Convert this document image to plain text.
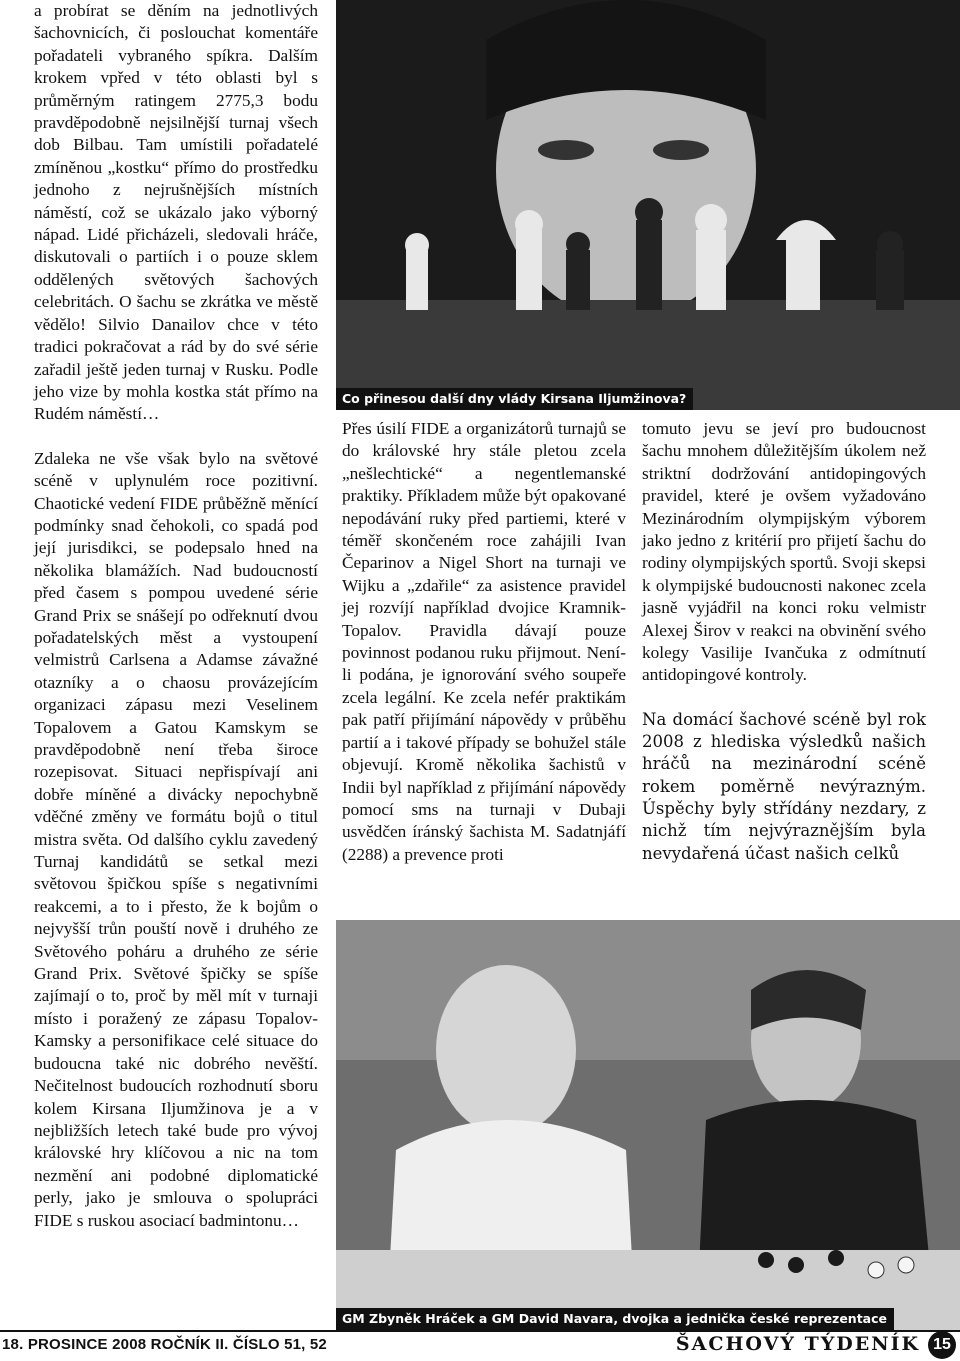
a probírat se děním na jednotlivých šachovnicích, či poslouchat komentáře pořadateli vybraného spíkra. Dalším krokem vpřed v této oblasti byl s průměrným ratingem 2775,3 bodu pravděpodobně nejsilnější turnaj všech dob Bilbau. Tam umístili pořadatelé zmíněnou „kostku“ přímo do prostředku jednoho z nejrušnějších místních náměstí, což se ukázalo jako výborný nápad. Lidé přicházeli, sledovali hráče, diskutovali o partiích i o pouze sklem oddělených světových šachových celebritách. O šachu se zkrátka ve městě vědělo! Silvio Danailov chce v této tradici pokračovat a rád by do své série zařadil ještě jeden turnaj v Rusku. Podle jeho vize by mohla kostka stát přímo na Rudém náměstí…

Zdaleka ne vše však bylo na světové scéně v uplynulém roce pozitivní. Chaotické vedení FIDE průběžně měnící podmínky snad čehokoli, co spadá pod její jurisdikci, se podepsalo hned na několika blamážích. Nad budoucností před časem s pompou uvedené série Grand Prix se snášejí po odřeknutí dvou pořadatelských měst a vystoupení velmistrů Carlsena a Adamse závažné otazníky a o chaosu provázejícím organizaci zápasu mezi Veselinem Topalovem a Gatou Kamskym se pravděpodobně není třeba široce rozepisovat. Situaci nepřispívají ani dobře míněné a divácky nepochybně vděčné změny ve formátu bojů o titul mistra světa. Od dalšího cyklu zavedený Turnaj kandidátů se setkal mezi světovou špičkou spíše s negativními reakcemi, a to i přesto, že k bojům o nejvyšší trůn pouští nově i druhého ze Světového poháru a druhého ze série Grand Prix. Světové špičky se spíše zajímají o to, proč by měl mít v turnaji místo i poražený ze zápasu Topalov-Kamsky a personifikace celé situace do budoucna také nic dobrého nevěští. Nečitelnost budoucích rozhodnutí sboru kolem Kirsana Iljumžinova je a v nejbližších letech také bude pro vývoj královské hry klíčovou a nic na tom nezmění ani podobné diplomatické perly, jako je smlouva o spolupráci FIDE s ruskou asociací badmintonu…

Co přinesou další dny vlády Kirsana Iljumžinova?

Přes úsilí FIDE a organizátorů turnajů se do královské hry stále pletou zcela „nešlechtické“ a negentlemanské praktiky. Příkladem může být opakované nepodávání ruky před partiemi, které v téměř skončeném roce zahájili Ivan Čeparinov a Nigel Short na turnaji ve Wijku a „zdařile“ za asistence pravidel jej rozvíjí například dvojice Kramnik-Topalov. Pravidla dávají pouze povinnost podanou ruku přijmout. Není-li podána, je ignorování svého soupeře zcela legální. Ke zcela nefér praktikám pak patří přijímání nápovědy v průběhu partií a i takové případy se bohužel stále objevují. Kromě několika šachistů v Indii byl například z přijímání nápovědy pomocí sms na turnaji v Dubaji usvědčen íránský šachista M. Sadatnjáfí (2288) a prevence proti

tomuto jevu se jeví pro budoucnost šachu mnohem důležitějším úkolem než striktní dodržování antidopingových pravidel, které je ovšem vyžadováno Mezinárodním olympijským výborem jako jedno z kritérií pro přijetí šachu do rodiny olympijských sportů. Svoji skepsi k olympijské budoucnosti nakonec zcela jasně vyjádřil na konci roku velmistr Alexej Širov v reakci na obvinění svého kolegy Vasilije Ivančuka z odmítnutí antidopingové kontroly.

Na domácí šachové scéně byl rok 2008 z hlediska výsledků našich hráčů na mezinárodní scéně rokem poměrně nevýrazným. Úspěchy byly střídány nezdary, z nichž tím nejvýraznějším byla nevydařená účast našich celků

GM Zbyněk Hráček a GM David Navara, dvojka a jednička české reprezentace
18. PROSINCE 2008 ROČNÍK II. ČÍSLO 51, 52	ŠACHOVÝ TÝDENÍK 15
